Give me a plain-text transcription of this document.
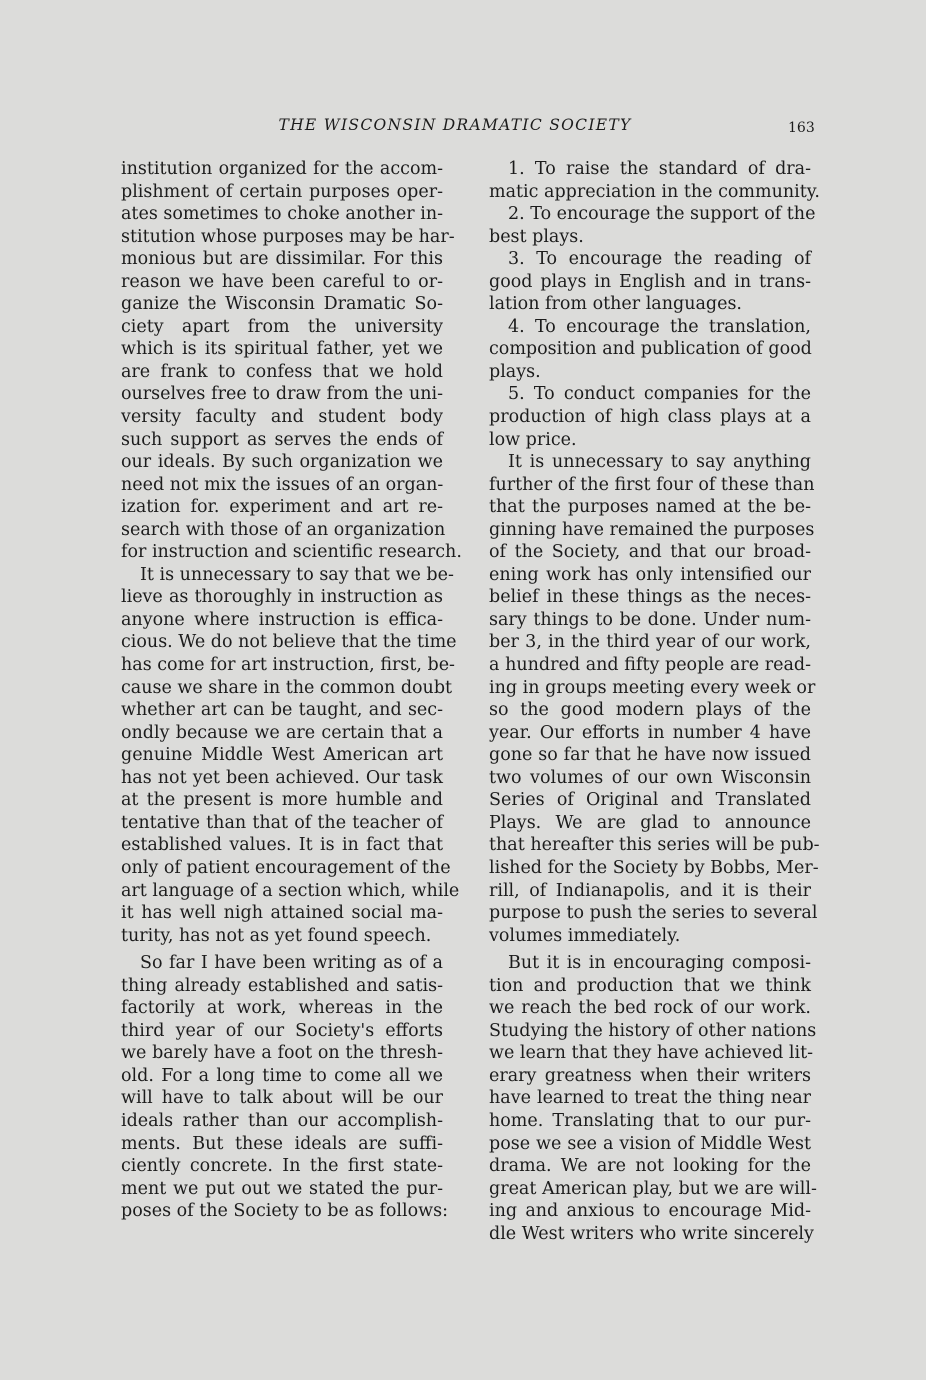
THE WISCONSIN DRAMATIC SOCIETY	163

institution organized for the accom-
plishment of certain purposes oper-
ates sometimes to choke another in-
stitution whose purposes may be har-
monious but are dissimilar. For this
reason we have been careful to or-
ganize the Wisconsin Dramatic So-
ciety apart from the university
which is its spiritual father, yet we
are frank to confess that we hold
ourselves free to draw from the uni-
versity faculty and student body
such support as serves the ends of
our ideals. By such organization we
need not mix the issues of an organ-
ization for. experiment and art re-
search with those of an organization
for instruction and scientific research.

It is unnecessary to say that we be-
lieve as thoroughly in instruction as
anyone where instruction is effica-
cious. We do not believe that the time
has come for art instruction, first, be-
cause we share in the common doubt
whether art can be taught, and sec-
ondly because we are certain that a
genuine Middle West American art
has not yet been achieved. Our task
at the present is more humble and
tentative than that of the teacher of
established values. It is in fact that
only of patient encouragement of the
art language of a section which, while
it has well nigh attained social ma-
turity, has not as yet found speech.

So far I have been writing as of a
thing already established and satis-
factorily at work, whereas in the
third year of our Society's efforts
we barely have a foot on the thresh-
old. For a long time to come all we
will have to talk about will be our
ideals rather than our accomplish-
ments. But these ideals are suffi-
ciently concrete. In the first state-
ment we put out we stated the pur-
poses of the Society to be as follows:

1. To raise the standard of dra-
matic appreciation in the community.

2. To encourage the support of the
best plays.

3. To encourage the reading of
good plays in English and in trans-
lation from other languages.

4. To encourage the translation,
composition and publication of good
plays.

5. To conduct companies for the
production of high class plays at a
low price.

It is unnecessary to say anything
further of the first four of these than
that the purposes named at the be-
ginning have remained the purposes
of the Society, and that our broad-
ening work has only intensified our
belief in these things as the neces-
sary things to be done. Under num-
ber 3, in the third year of our work,
a hundred and fifty people are read-
ing in groups meeting every week or
so the good modern plays of the
year. Our efforts in number 4 have
gone so far that he have now issued
two volumes of our own Wisconsin
Series of Original and Translated
Plays. We are glad to announce
that hereafter this series will be pub-
lished for the Society by Bobbs, Mer-
rill, of Indianapolis, and it is their
purpose to push the series to several
volumes immediately.

But it is in encouraging composi-
tion and production that we think
we reach the bed rock of our work.
Studying the history of other nations
we learn that they have achieved lit-
erary greatness when their writers
have learned to treat the thing near
home. Translating that to our pur-
pose we see a vision of Middle West
drama. We are not looking for the
great American play, but we are will-
ing and anxious to encourage Mid-
dle West writers who write sincerely
